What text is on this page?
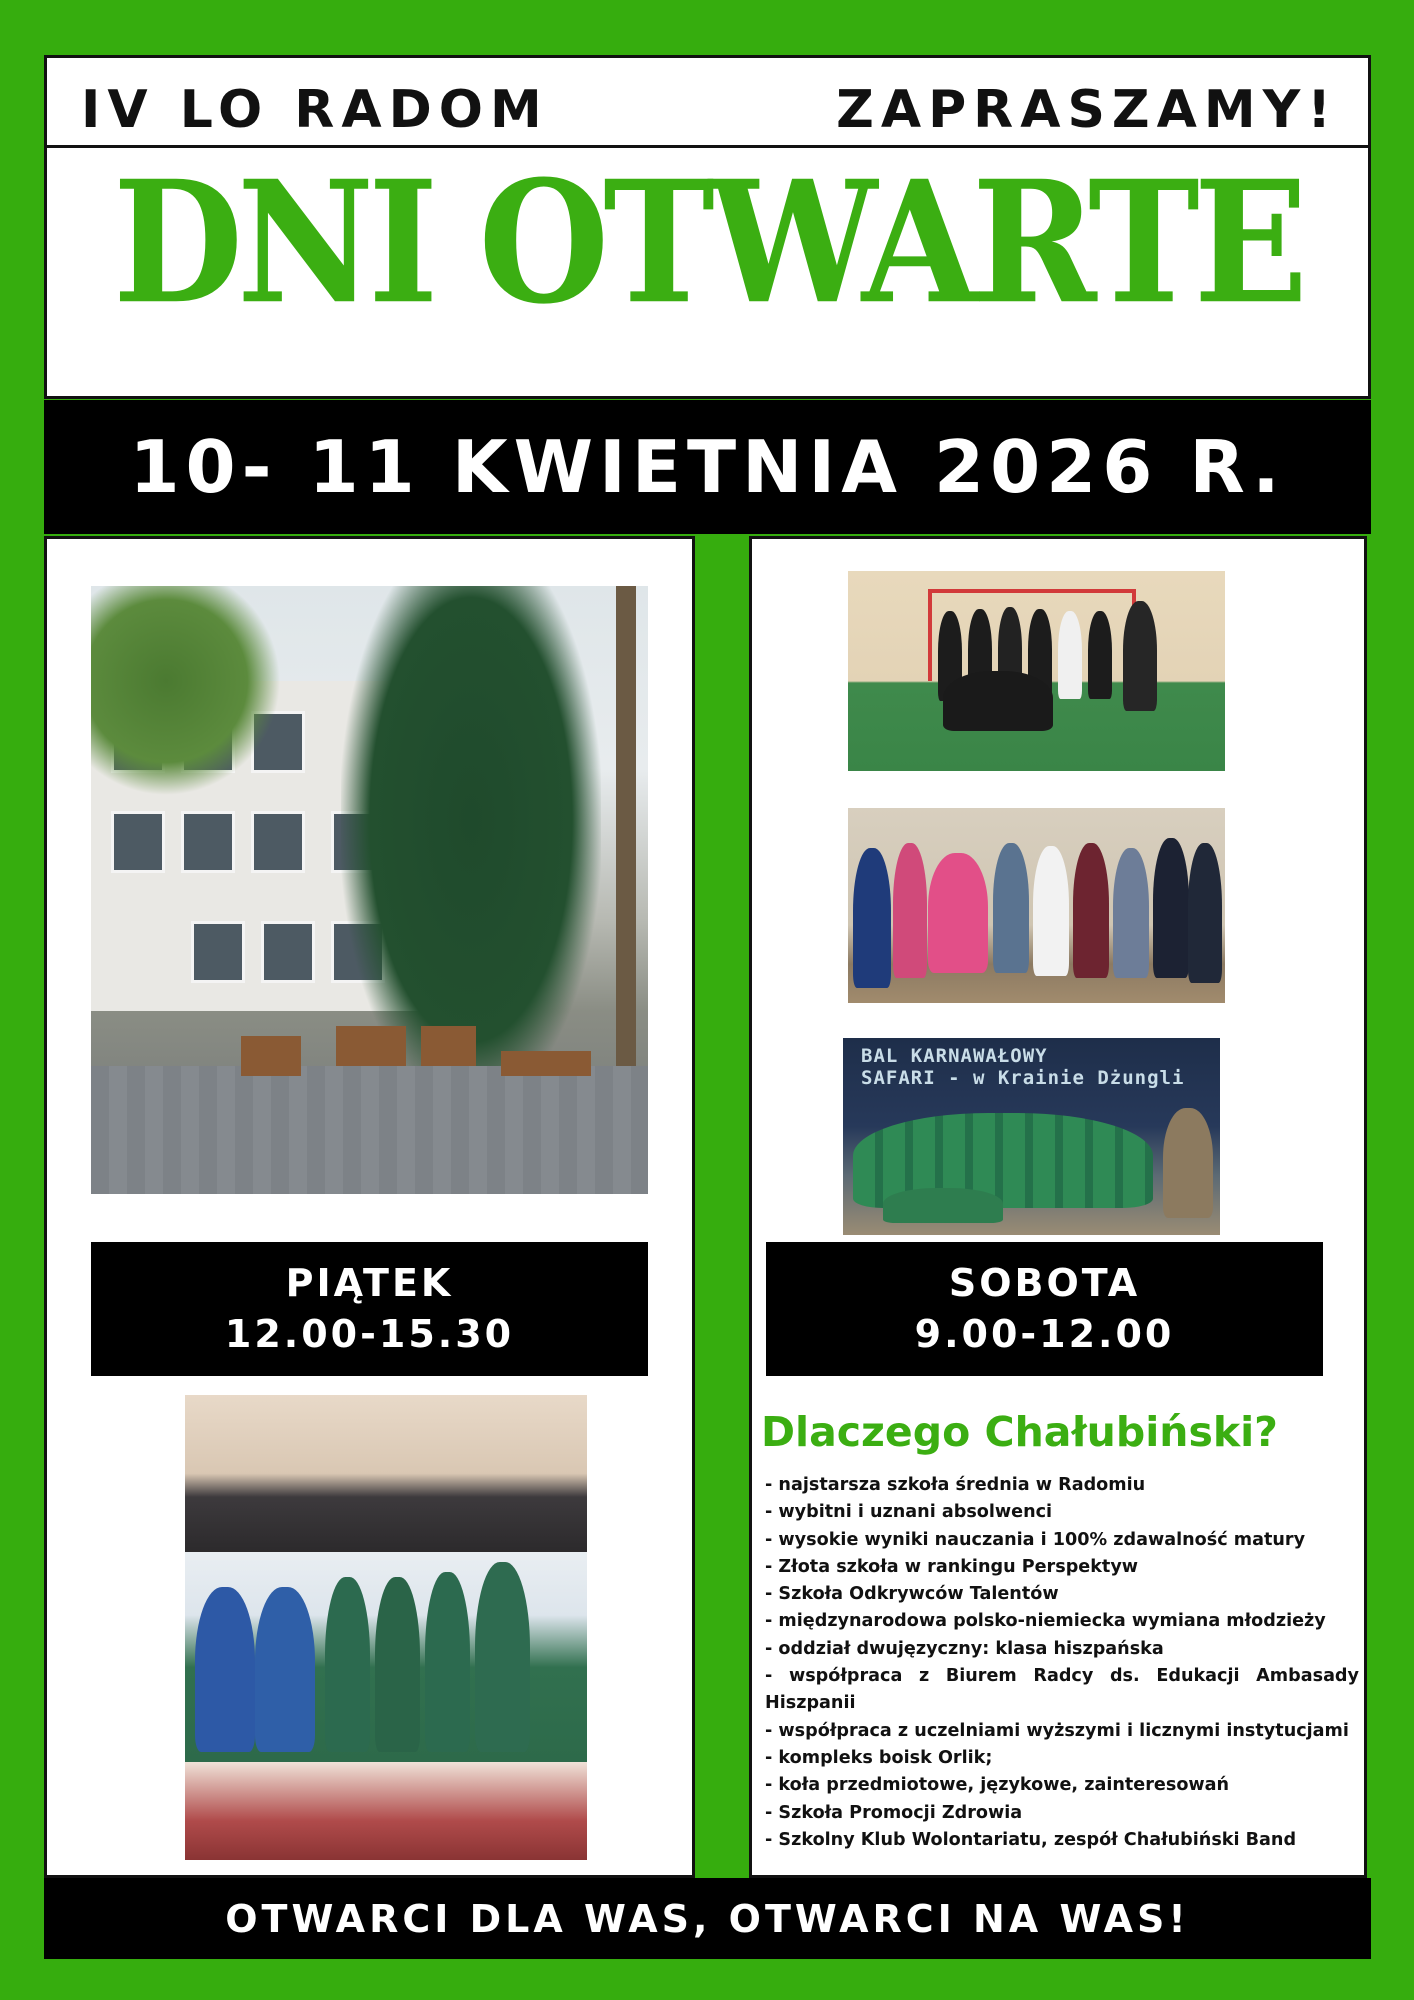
IV LO RADOM	ZAPRASZAMY!
DNI OTWARTE
10- 11 KWIETNIA 2026 R.
BAL KARNAWAŁOWY
SAFARI - w Krainie Dżungli
PIĄTEK
12.00-15.30
SOBOTA
9.00-12.00
Dlaczego Chałubiński?
- najstarsza szkoła średnia w Radomiu
- wybitni i uznani absolwenci
- wysokie wyniki nauczania i 100% zdawalność matury
- Złota szkoła w rankingu Perspektyw
- Szkoła Odkrywców Talentów
- międzynarodowa polsko-niemiecka wymiana młodzieży
- oddział dwujęzyczny: klasa hiszpańska
- współpraca z Biurem Radcy ds. Edukacji Ambasady Hiszpanii
- współpraca z uczelniami wyższymi i licznymi instytucjami
- kompleks boisk Orlik;
- koła przedmiotowe, językowe, zainteresowań
- Szkoła Promocji Zdrowia
- Szkolny Klub Wolontariatu, zespół Chałubiński Band
OTWARCI DLA WAS, OTWARCI NA WAS!
